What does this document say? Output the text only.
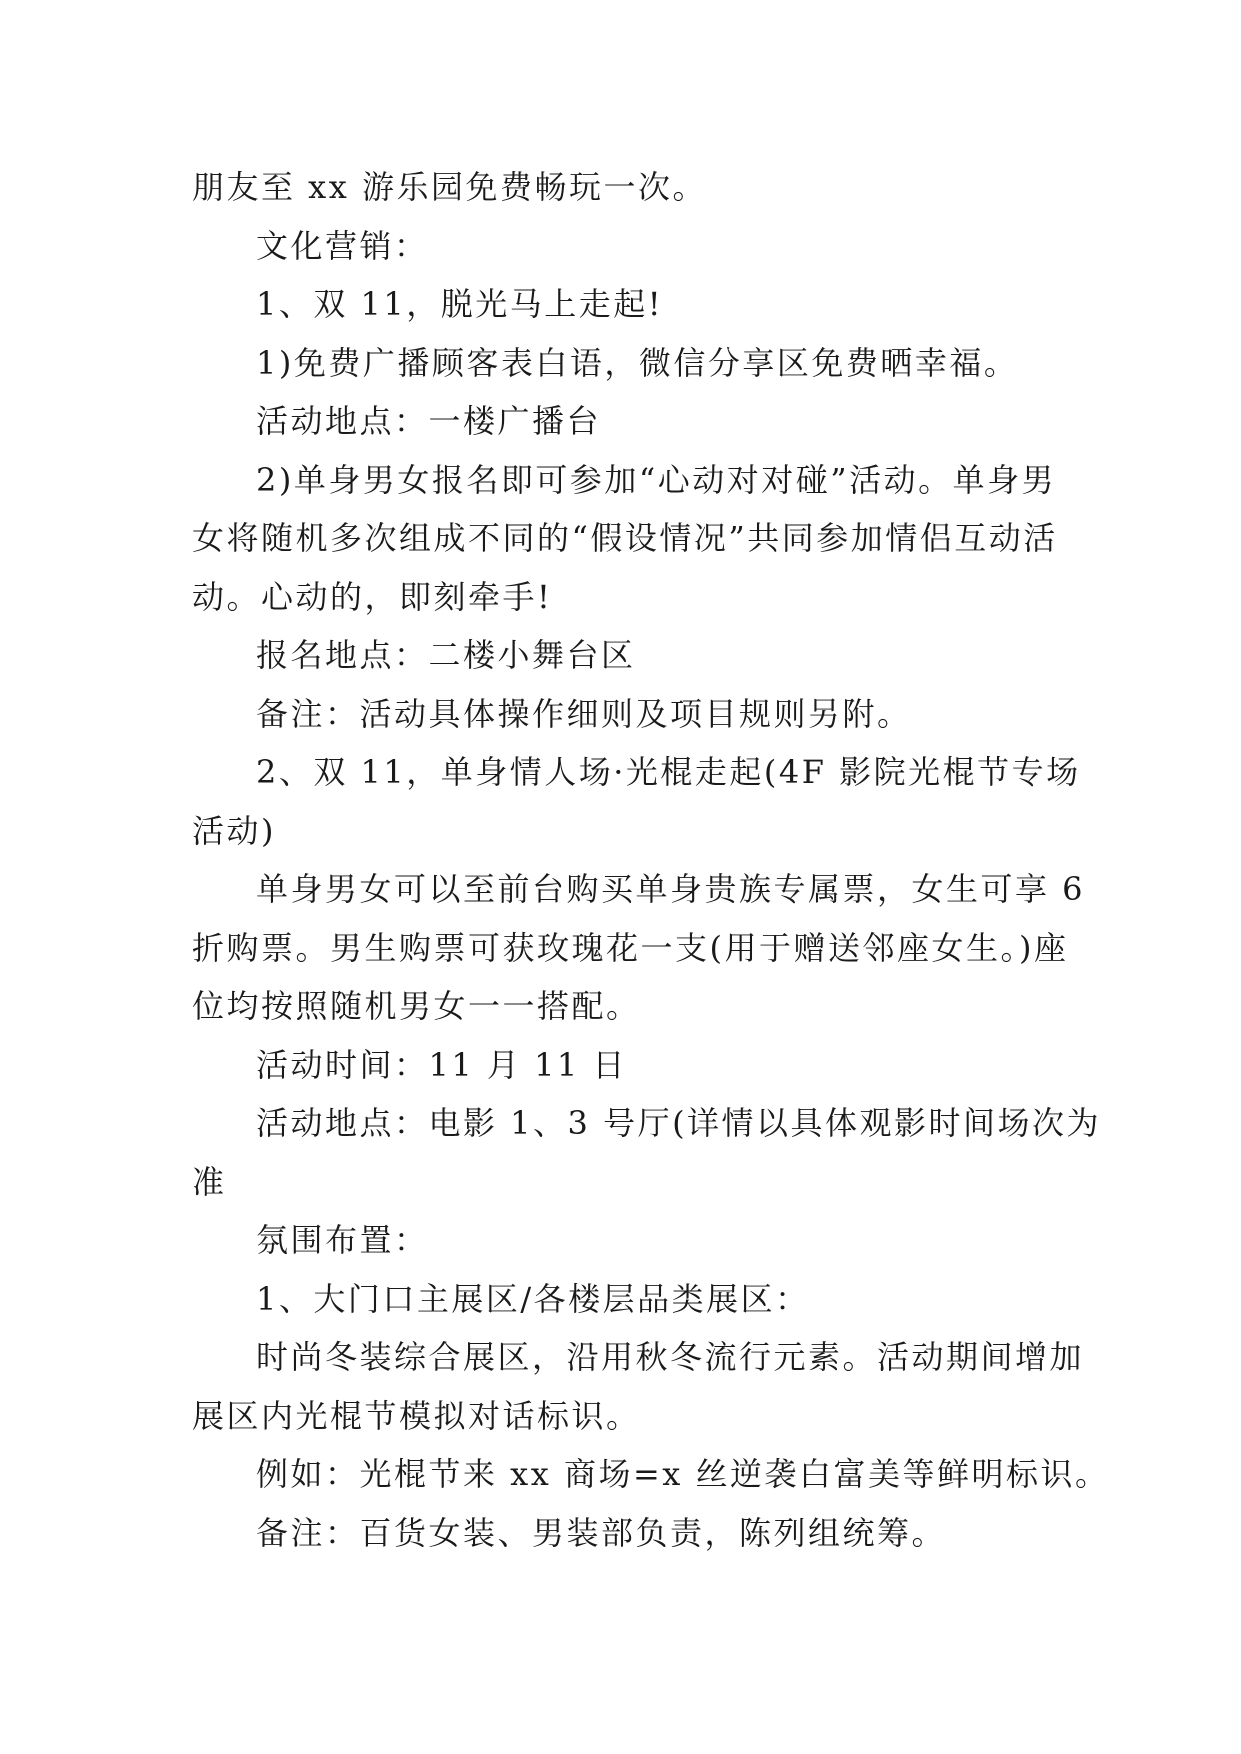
朋友至 xx 游乐园免费畅玩一次。
文化营销：
1、双 11，脱光马上走起!
1)免费广播顾客表白语，微信分享区免费晒幸福。
活动地点：一楼广播台
2)单身男女报名即可参加“心动对对碰”活动。单身男
女将随机多次组成不同的“假设情况”共同参加情侣互动活
动。心动的，即刻牵手!
报名地点：二楼小舞台区
备注：活动具体操作细则及项目规则另附。
2、双 11，单身情人场·光棍走起(4F 影院光棍节专场
活动)
单身男女可以至前台购买单身贵族专属票，女生可享 6
折购票。男生购票可获玫瑰花一支(用于赠送邻座女生。)座
位均按照随机男女一一搭配。
活动时间：11 月 11 日
活动地点：电影 1、3 号厅(详情以具体观影时间场次为
准
氛围布置：
1、大门口主展区/各楼层品类展区：
时尚冬装综合展区，沿用秋冬流行元素。活动期间增加
展区内光棍节模拟对话标识。
例如：光棍节来 xx 商场=x 丝逆袭白富美等鲜明标识。
备注：百货女装、男装部负责，陈列组统筹。
